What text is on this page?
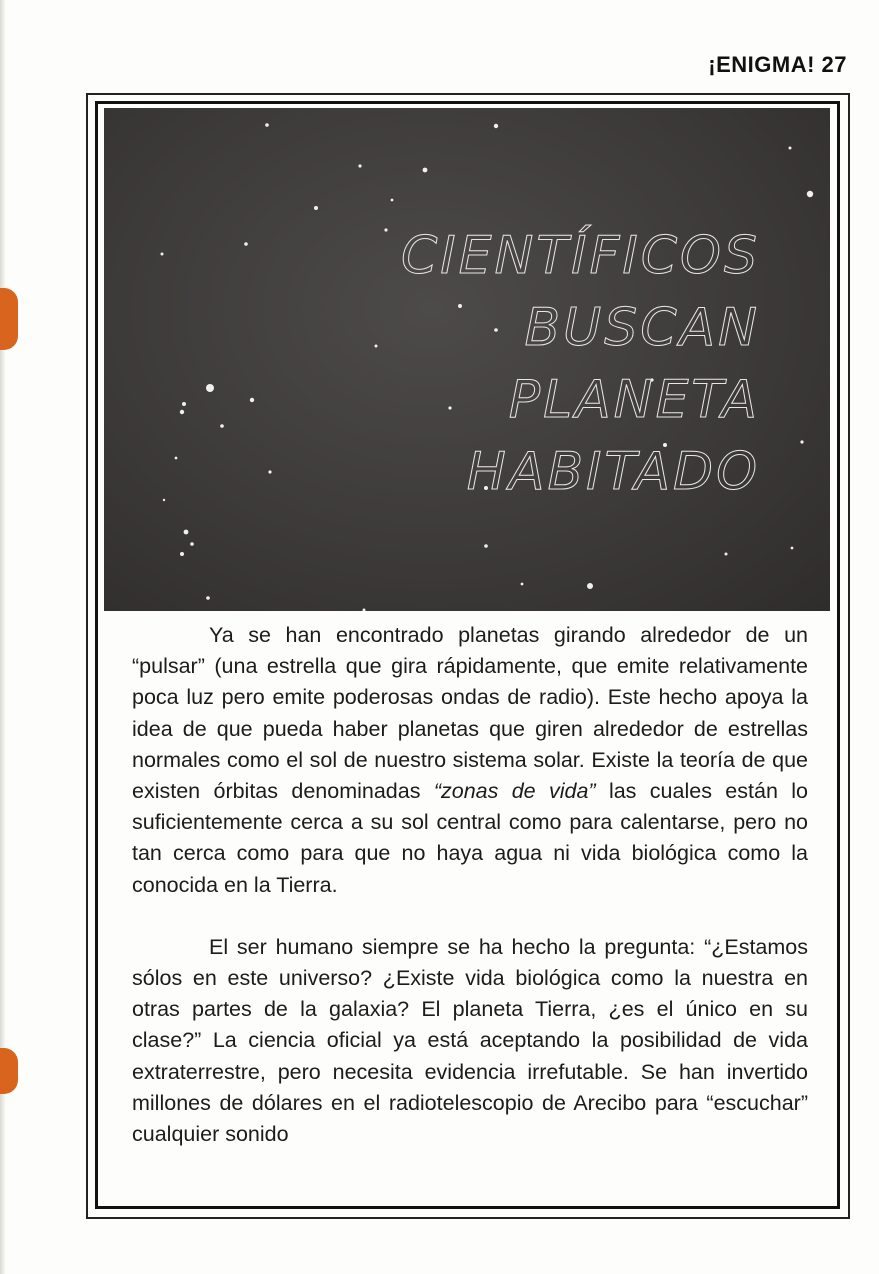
¡ENIGMA! 27
CIENTÍFICOS
BUSCAN
PLANETA
HABITADO

Ya se han encontrado planetas girando alrededor de un “pulsar” (una estrella que gira rápidamente, que emite relativamente poca luz pero emite poderosas ondas de radio). Este hecho apoya la idea de que pueda haber planetas que giren alrededor de estrellas normales como el sol de nuestro sistema solar. Existe la teoría de que existen órbitas denominadas “zonas de vida” las cuales están lo suficientemente cerca a su sol central como para calentarse, pero no tan cerca como para que no haya agua ni vida biológica como la conocida en la Tierra.

El ser humano siempre se ha hecho la pregunta: “¿Estamos sólos en este universo? ¿Existe vida biológica como la nuestra en otras partes de la galaxia? El planeta Tierra, ¿es el único en su clase?” La ciencia oficial ya está aceptando la posibilidad de vida extraterrestre, pero necesita evidencia irrefutable. Se han invertido millones de dólares en el radiotelescopio de Arecibo para “escuchar” cualquier sonido
